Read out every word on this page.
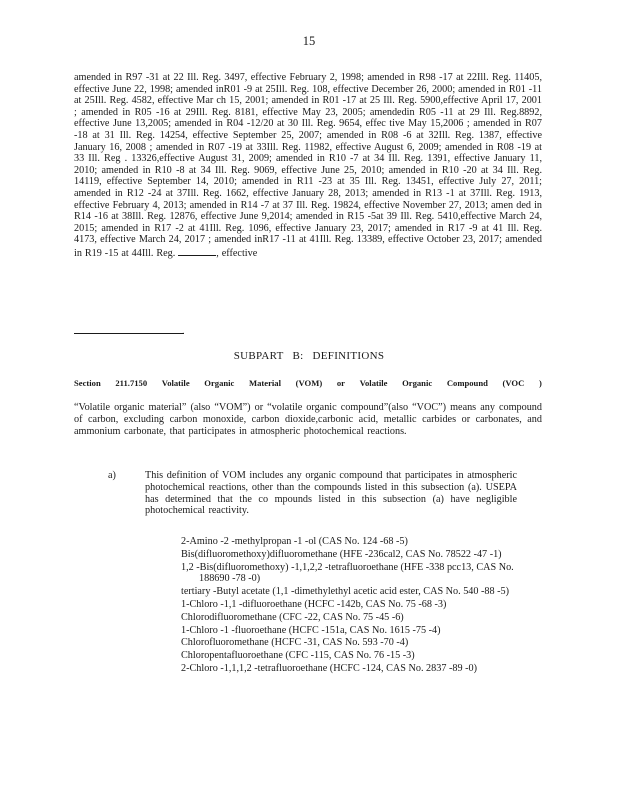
15
amended in R97 -31 at 22 Ill. Reg. 3497, effective February 2, 1998; amended in R98 -17 at 22Ill. Reg. 11405, effective June 22, 1998; amended inR01 -9 at 25Ill. Reg. 108, effective December 26, 2000; amended in R01 -11 at 25Ill. Reg. 4582, effective Mar ch 15, 2001; amended in R01 -17 at 25 Ill. Reg. 5900,effective April 17, 2001 ; amended in R05 -16 at 29Ill. Reg. 8181, effective May 23, 2005; amendedin R05 -11 at 29 Ill. Reg.8892, effective June 13,2005; amended in R04 -12/20 at 30 Ill. Reg. 9654, effec tive May 15,2006 ; amended in R07 -18 at 31 Ill. Reg. 14254, effective September 25, 2007; amended in R08 -6 at 32Ill. Reg. 1387, effective January 16, 2008 ; amended in R07 -19 at 33Ill. Reg. 11982, effective August 6, 2009; amended in R08 -19 at 33 Ill. Reg . 13326,effective August 31, 2009; amended in R10 -7 at 34 Ill. Reg. 1391, effective January 11, 2010; amended in R10 -8 at 34 Ill. Reg. 9069, effective June 25, 2010; amended in R10 -20 at 34 Ill. Reg. 14119, effective September 14, 2010; amended in R11 -23 at 35 Ill. Reg. 13451, effective July 27, 2011; amended in R12 -24 at 37Ill. Reg. 1662, effective January 28, 2013; amended in R13 -1 at 37Ill. Reg. 1913, effective February 4, 2013; amended in R14 -7 at 37 Ill. Reg. 19824, effective November 27, 2013; amen ded in R14 -16 at 38Ill. Reg. 12876, effective June 9,2014; amended in R15 -5at 39 Ill. Reg. 5410,effective March 24, 2015; amended in R17 -2 at 41Ill. Reg. 1096, effective January 23, 2017; amended in R17 -9 at 41 Ill. Reg. 4173, effective March 24, 2017 ; amended inR17 -11 at 41Ill. Reg. 13389, effective October 23, 2017; amended in R19 -15 at 44Ill. Reg.	, effective
.
SUBPART B: DEFINITIONS
Section 211.7150 Volatile Organic Material (VOM) or Volatile Organic Compound (VOC )
“Volatile organic material” (also “VOM”) or “volatile organic compound”(also “VOC”) means any compound of carbon, excluding carbon monoxide, carbon dioxide,carbonic acid, metallic carbides or carbonates, and ammonium carbonate, that participates in atmospheric photochemical reactions.
a)	This definition of VOM includes any organic compound that participates in atmospheric photochemical reactions, other than the compounds listed in this subsection (a). USEPA has determined that the co mpounds listed in this subsection (a) have negligible photochemical reactivity.
2-Amino -2 -methylpropan -1 -ol (CAS No. 124 -68 -5)
Bis(difluoromethoxy)difluoromethane (HFE -236cal2, CAS No. 78522 -47 -1)
1,2 -Bis(difluoromethoxy) -1,1,2,2 -tetrafluoroethane (HFE -338 pcc13, CAS No. 188690 -78 -0)
tertiary -Butyl acetate (1,1 -dimethylethyl acetic acid ester, CAS No. 540 -88 -5)
1-Chloro -1,1 -difluoroethane (HCFC -142b, CAS No. 75 -68 -3)
Chlorodifluoromethane (CFC -22, CAS No. 75 -45 -6)
1-Chloro -1 -fluoroethane (HCFC -151a, CAS No. 1615 -75 -4)
Chlorofluoromethane (HCFC -31, CAS No. 593 -70 -4)
Chloropentafluoroethane (CFC -115, CAS No. 76 -15 -3)
2-Chloro -1,1,1,2 -tetrafluoroethane (HCFC -124, CAS No. 2837 -89 -0)
